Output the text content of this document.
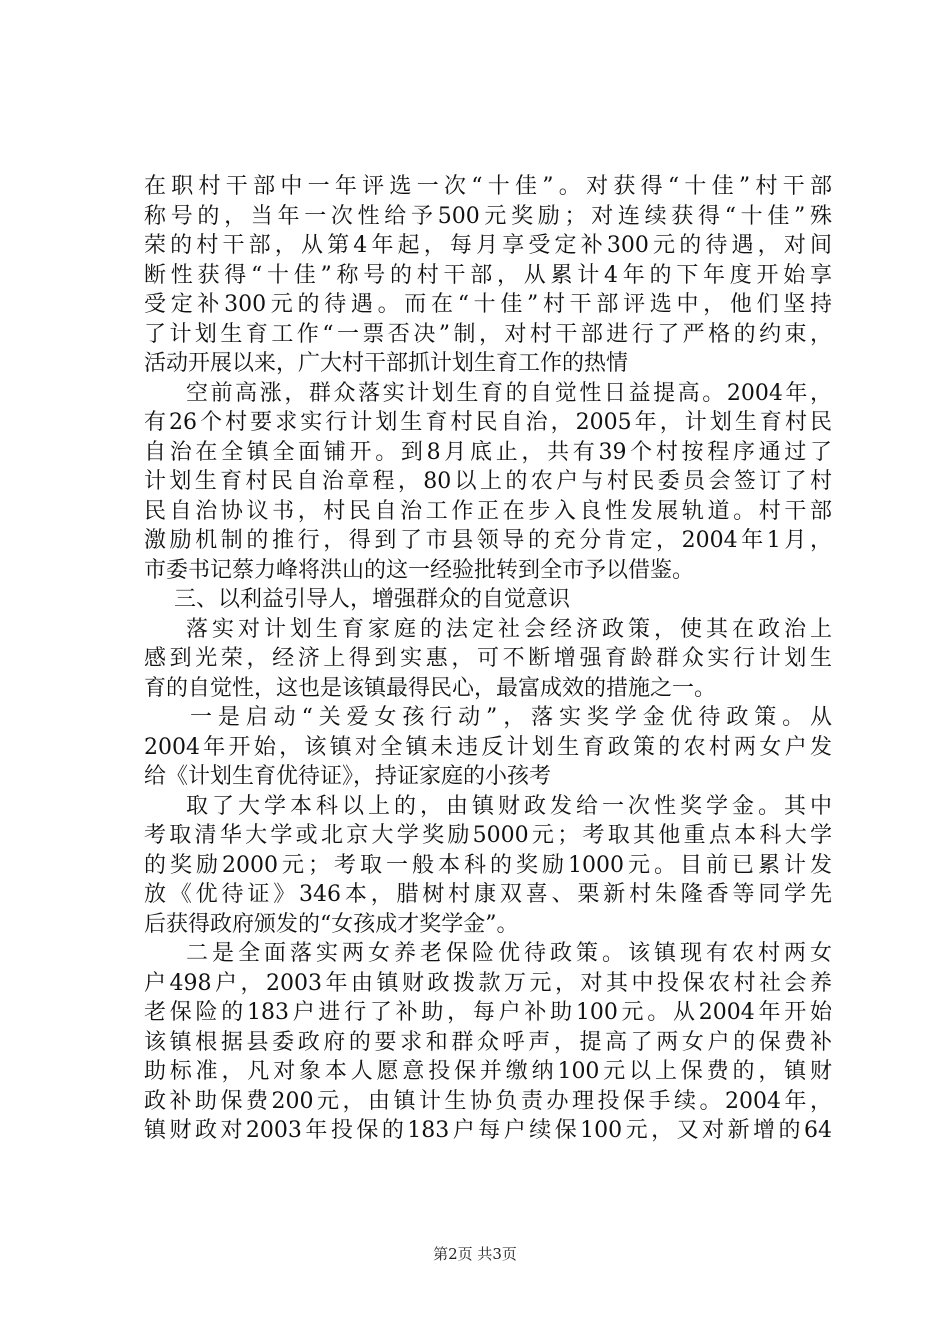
在职村干部中一年评选一次“十佳”。对获得“十佳”村干部
称号的，当年一次性给予500元奖励；对连续获得“十佳”殊
荣的村干部，从第4年起，每月享受定补300元的待遇，对间
断性获得“十佳”称号的村干部，从累计4年的下年度开始享
受定补300元的待遇。而在“十佳”村干部评选中，他们坚持
了计划生育工作“一票否决”制，对村干部进行了严格的约束，
活动开展以来，广大村干部抓计划生育工作的热情
空前高涨，群众落实计划生育的自觉性日益提高。2004年，
有26个村要求实行计划生育村民自治，2005年，计划生育村民
自治在全镇全面铺开。到8月底止，共有39个村按程序通过了
计划生育村民自治章程，80以上的农户与村民委员会签订了村
民自治协议书，村民自治工作正在步入良性发展轨道。村干部
激励机制的推行，得到了市县领导的充分肯定，2004年1月，
市委书记蔡力峰将洪山的这一经验批转到全市予以借鉴。
三、以利益引导人，增强群众的自觉意识
落实对计划生育家庭的法定社会经济政策，使其在政治上
感到光荣，经济上得到实惠，可不断增强育龄群众实行计划生
育的自觉性，这也是该镇最得民心，最富成效的措施之一。
一是启动“关爱女孩行动”，落实奖学金优待政策。从
2004年开始，该镇对全镇未违反计划生育政策的农村两女户发
给《计划生育优待证》，持证家庭的小孩考
取了大学本科以上的，由镇财政发给一次性奖学金。其中
考取清华大学或北京大学奖励5000元；考取其他重点本科大学
的奖励2000元；考取一般本科的奖励1000元。目前已累计发
放《优待证》346本，腊树村康双喜、栗新村朱隆香等同学先
后获得政府颁发的“女孩成才奖学金”。
二是全面落实两女养老保险优待政策。该镇现有农村两女
户498户，2003年由镇财政拨款万元，对其中投保农村社会养
老保险的183户进行了补助，每户补助100元。从2004年开始
该镇根据县委政府的要求和群众呼声，提高了两女户的保费补
助标准，凡对象本人愿意投保并缴纳100元以上保费的，镇财
政补助保费200元，由镇计生协负责办理投保手续。2004年，
镇财政对2003年投保的183户每户续保100元，又对新增的64
第2页 共3页
